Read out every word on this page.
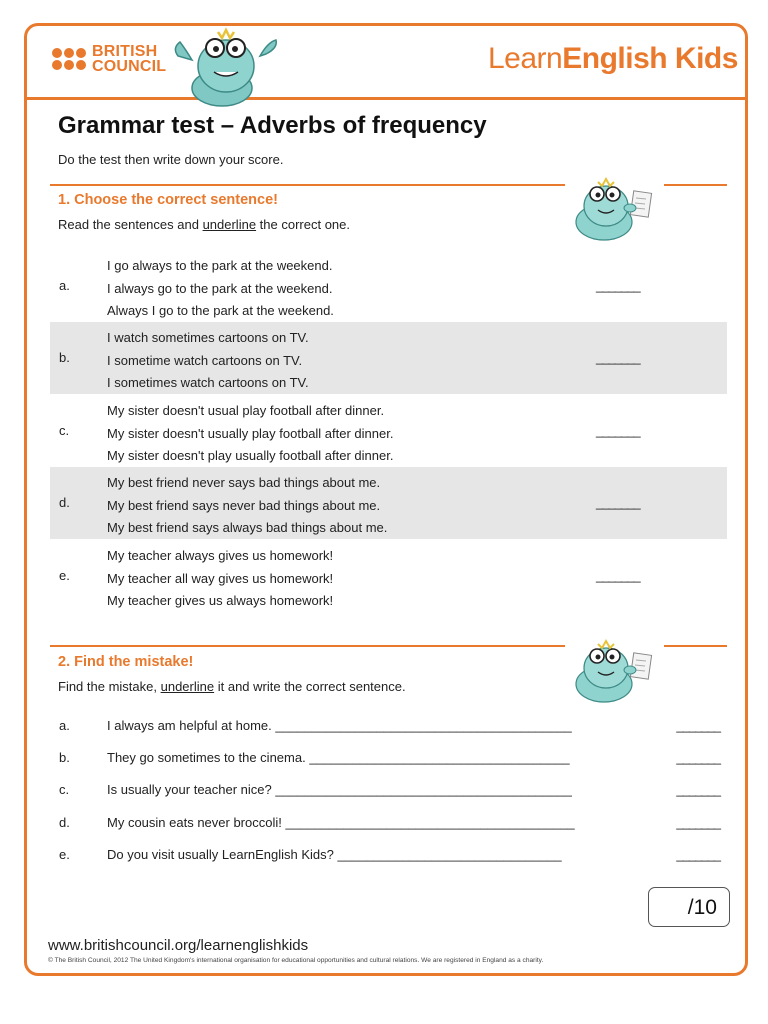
BRITISH
COUNCIL	LearnEnglish Kids
Grammar test – Adverbs of frequency
Do the test then write down your score.
1. Choose the correct sentence!
Read the sentences and underline the correct one.
a.
I go always to the park at the weekend.
I always go to the park at the weekend.
Always I go to the park at the weekend.
_______
b.
I watch sometimes cartoons on TV.
I sometime watch cartoons on TV.
I sometimes watch cartoons on TV.
_______
c.
My sister doesn't usual play football after dinner.
My sister doesn't usually play football after dinner.
My sister doesn't play usually football after dinner.
_______
d.
My best friend never says bad things about me.
My best friend says never bad things about me.
My best friend says always bad things about me.
_______
e.
My teacher always gives us homework!
My teacher all way gives us homework!
My teacher gives us always homework!
_______
2. Find the mistake!
Find the mistake, underline it and write the correct sentence.
a.	I always am helpful at home. _________________________________________	_______
b.	They go sometimes to the cinema. ____________________________________	_______
c.	Is usually your teacher nice? _________________________________________	_______
d.	My cousin eats never broccoli! ________________________________________	_______
e.	Do you visit usually LearnEnglish Kids? _______________________________	_______
/10
www.britishcouncil.org/learnenglishkids
© The British Council, 2012 The United Kingdom's international organisation for educational opportunities and cultural relations. We are registered in England as a charity.
